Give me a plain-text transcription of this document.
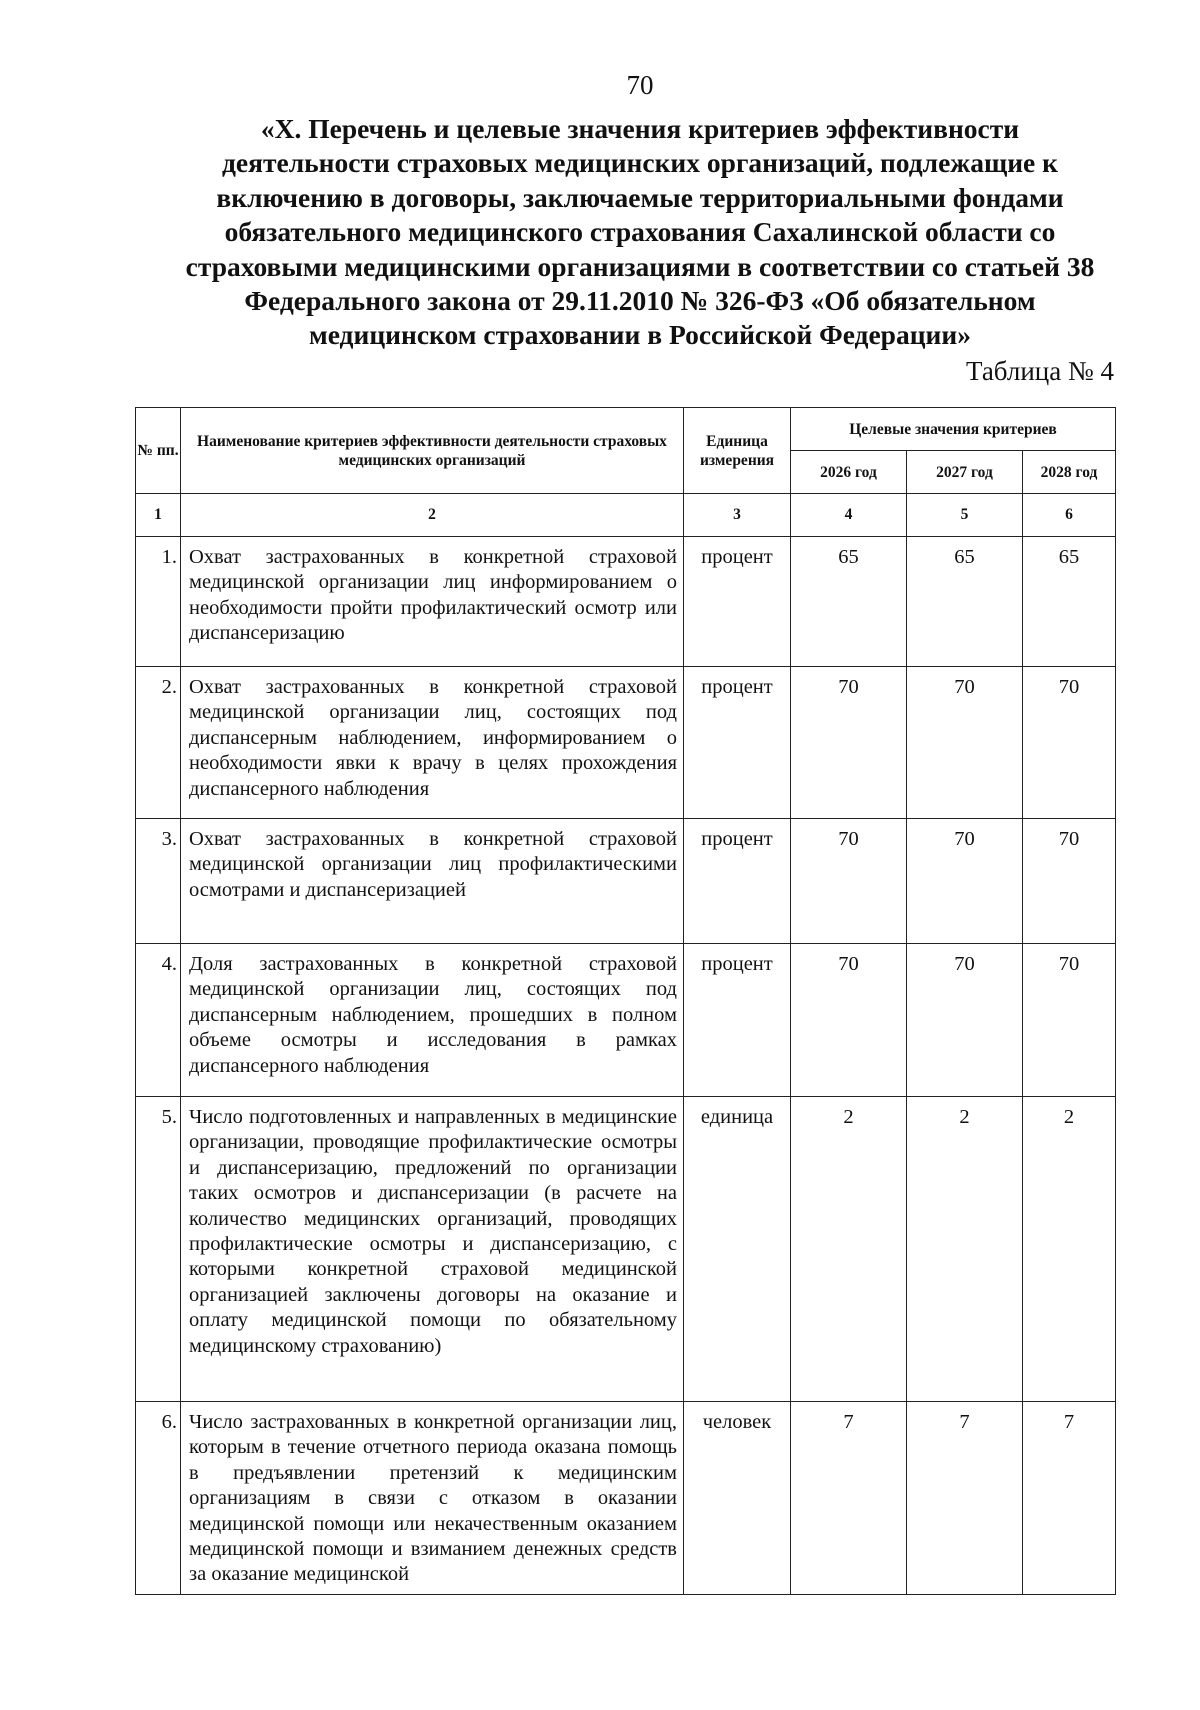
70
«X. Перечень и целевые значения критериев эффективности
деятельности страховых медицинских организаций, подлежащие к
включению в договоры, заключаемые территориальными фондами
обязательного медицинского страхования Сахалинской области со
страховыми медицинскими организациями в соответствии со статьей 38
Федерального закона от 29.11.2010 № 326-ФЗ «Об обязательном
медицинском страховании в Российской Федерации»
Таблица № 4
№ пп.	Наименование критериев эффективности деятельности страховых медицинских организаций	Единица измерения	Целевые значения критериев		
			2026 год	2027 год	2028 год
1	2	3	4	5	6
1.	Охват застрахованных в конкретной страховой медицинской организации лиц информированием о необходимости пройти профилактический осмотр или диспансеризацию	процент	65	65	65
2.	Охват застрахованных в конкретной страховой медицинской организации лиц, состоящих под диспансерным наблюдением, информированием о необходимости явки к врачу в целях прохождения диспансерного наблюдения	процент	70	70	70
3.	Охват застрахованных в конкретной страховой медицинской организации лиц профилактическими осмотрами и диспансеризацией	процент	70	70	70
4.	Доля застрахованных в конкретной страховой медицинской организации лиц, состоящих под диспансерным наблюдением, прошедших в полном объеме осмотры и исследования в рамках диспансерного наблюдения	процент	70	70	70
5.	Число подготовленных и направленных в медицинские организации, проводящие профилактические осмотры и диспансеризацию, предложений по организации таких осмотров и диспансеризации (в расчете на количество медицинских организаций, проводящих профилактические осмотры и диспансеризацию, с которыми конкретной страховой медицинской организацией заключены договоры на оказание и оплату медицинской помощи по обязательному медицинскому страхованию)	единица	2	2	2
6.	Число застрахованных в конкретной организации лиц, которым в течение отчетного периода оказана помощь в предъявлении претензий к медицинским организациям в связи с отказом в оказании медицинской помощи или некачественным оказанием медицинской помощи и взиманием денежных средств за оказание медицинской	человек	7	7	7
